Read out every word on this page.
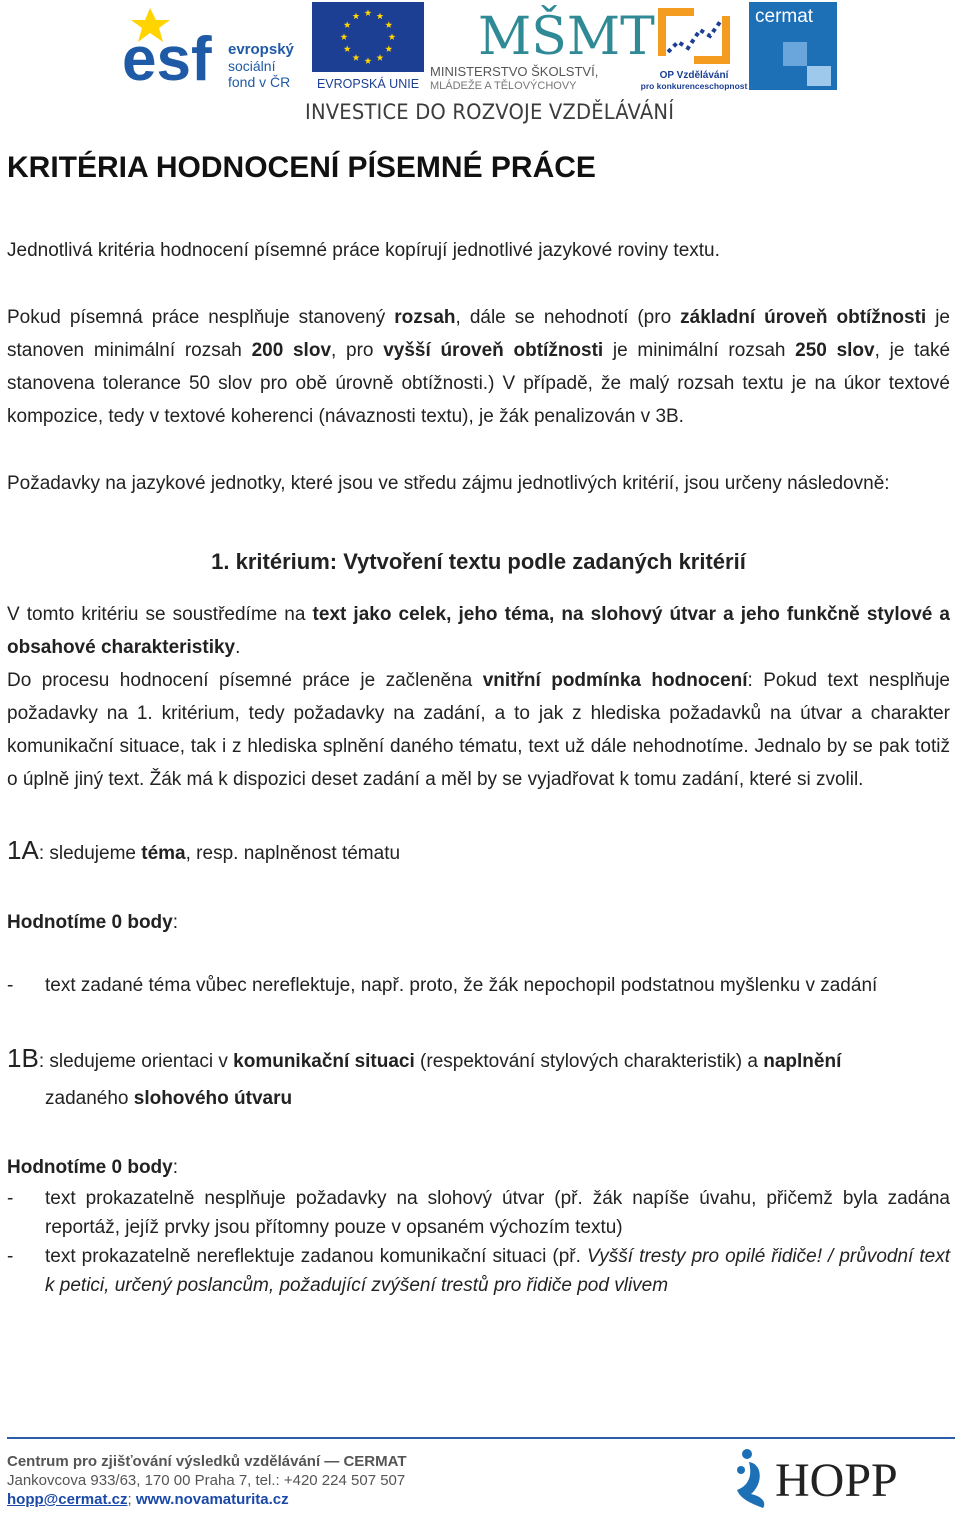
esf evropský
sociální
fond v ČR EVROPSKÁ UNIE
MŠMT
MINISTERSTVO ŠKOLSTVÍ,
MLÁDEŽE A TĚLOVÝCHOVY
OP Vzdělávání
pro konkurenceschopnost
cermat
INVESTICE DO ROZVOJE VZDĚLÁVÁNÍ
KRITÉRIA HODNOCENÍ PÍSEMNÉ PRÁCE

Jednotlivá kritéria hodnocení písemné práce kopírují jednotlivé jazykové roviny textu.

Pokud písemná práce nesplňuje stanovený rozsah, dále se nehodnotí (pro základní úroveň obtížnosti je stanoven minimální rozsah 200 slov, pro vyšší úroveň obtížnosti je minimální rozsah 250 slov, je také stanovena tolerance 50 slov pro obě úrovně obtížnosti.) V případě, že malý rozsah textu je na úkor textové kompozice, tedy v textové koherenci (návaznosti textu), je žák penalizován v 3B.

Požadavky na jazykové jednotky, které jsou ve středu zájmu jednotlivých kritérií, jsou určeny následovně:

1. kritérium: Vytvoření textu podle zadaných kritérií

V tomto kritériu se soustředíme na text jako celek, jeho téma, na slohový útvar a jeho funkčně stylové a obsahové charakteristiky.

Do procesu hodnocení písemné práce je začleněna vnitřní podmínka hodnocení: Pokud text nesplňuje požadavky na 1. kritérium, tedy požadavky na zadání, a to jak z hlediska požadavků na útvar a charakter komunikační situace, tak i z hlediska splnění daného tématu, text už dále nehodnotíme. Jednalo by se pak totiž o úplně jiný text. Žák má k dispozici deset zadání a měl by se vyjadřovat k tomu zadání, které si zvolil.

1A: sledujeme téma, resp. naplněnost tématu

Hodnotíme 0 body:

- text zadané téma vůbec nereflektuje, např. proto, že žák nepochopil podstatnou myšlenku v zadání

1B: sledujeme orientaci v komunikační situaci (respektování stylových charakteristik) a naplnění
zadaného slohového útvaru

Hodnotíme 0 body:

- text prokazatelně nesplňuje požadavky na slohový útvar (př. žák napíše úvahu, přičemž byla zadána reportáž, jejíž prvky jsou přítomny pouze v opsaném výchozím textu)
- text prokazatelně nereflektuje zadanou komunikační situaci (př. Vyšší tresty pro opilé řidiče! / průvodní text k petici, určený poslancům, požadující zvýšení trestů pro řidiče pod vlivem
Centrum pro zjišťování výsledků vzdělávání — CERMAT
Jankovcova 933/63, 170 00 Praha 7, tel.: +420 224 507 507
hopp@cermat.cz; www.novamaturita.cz	HOPP
